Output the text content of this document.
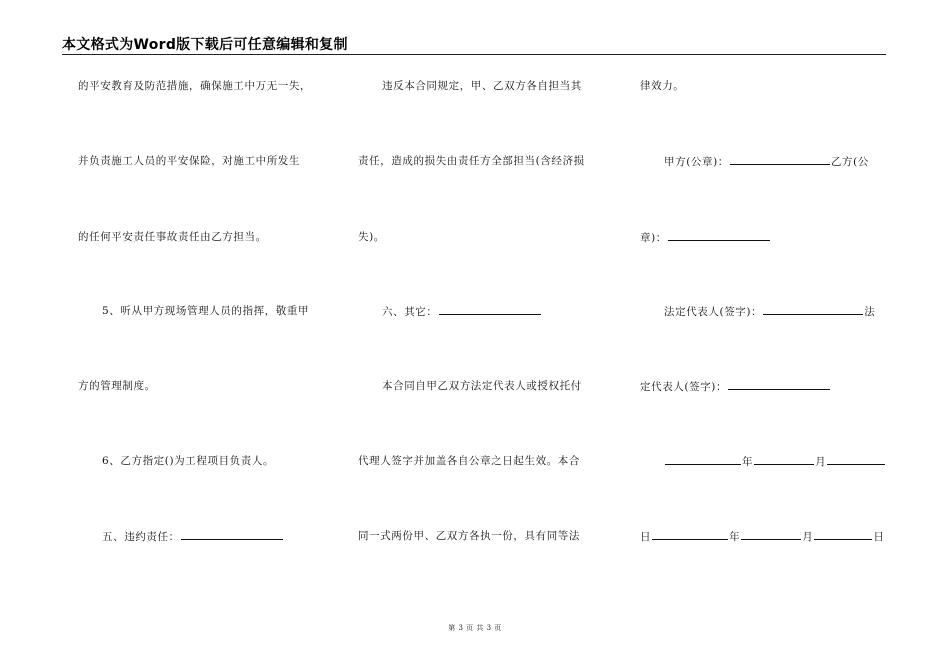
本文格式为Word版下载后可任意编辑和复制
的平安教育及防范措施，确保施工中万无一失，
并负责施工人员的平安保险，对施工中所发生
的任何平安责任事故责任由乙方担当。
5、听从甲方现场管理人员的指挥，敬重甲
方的管理制度。
6、乙方指定()为工程项目负责人。
五、违约责任：
违反本合同规定，甲、乙双方各自担当其
责任，造成的损失由责任方全部担当(含经济损
失)。
六、其它：
本合同自甲乙双方法定代表人或授权托付
代理人签字并加盖各自公章之日起生效。本合
同一式两份甲、乙双方各执一份，具有同等法
律效力。
甲方(公章)：	乙方(公
章)：
法定代表人(签字)：	法
定代表人(签字)：
年	月
日	年	月	日
第 3 页 共 3 页
